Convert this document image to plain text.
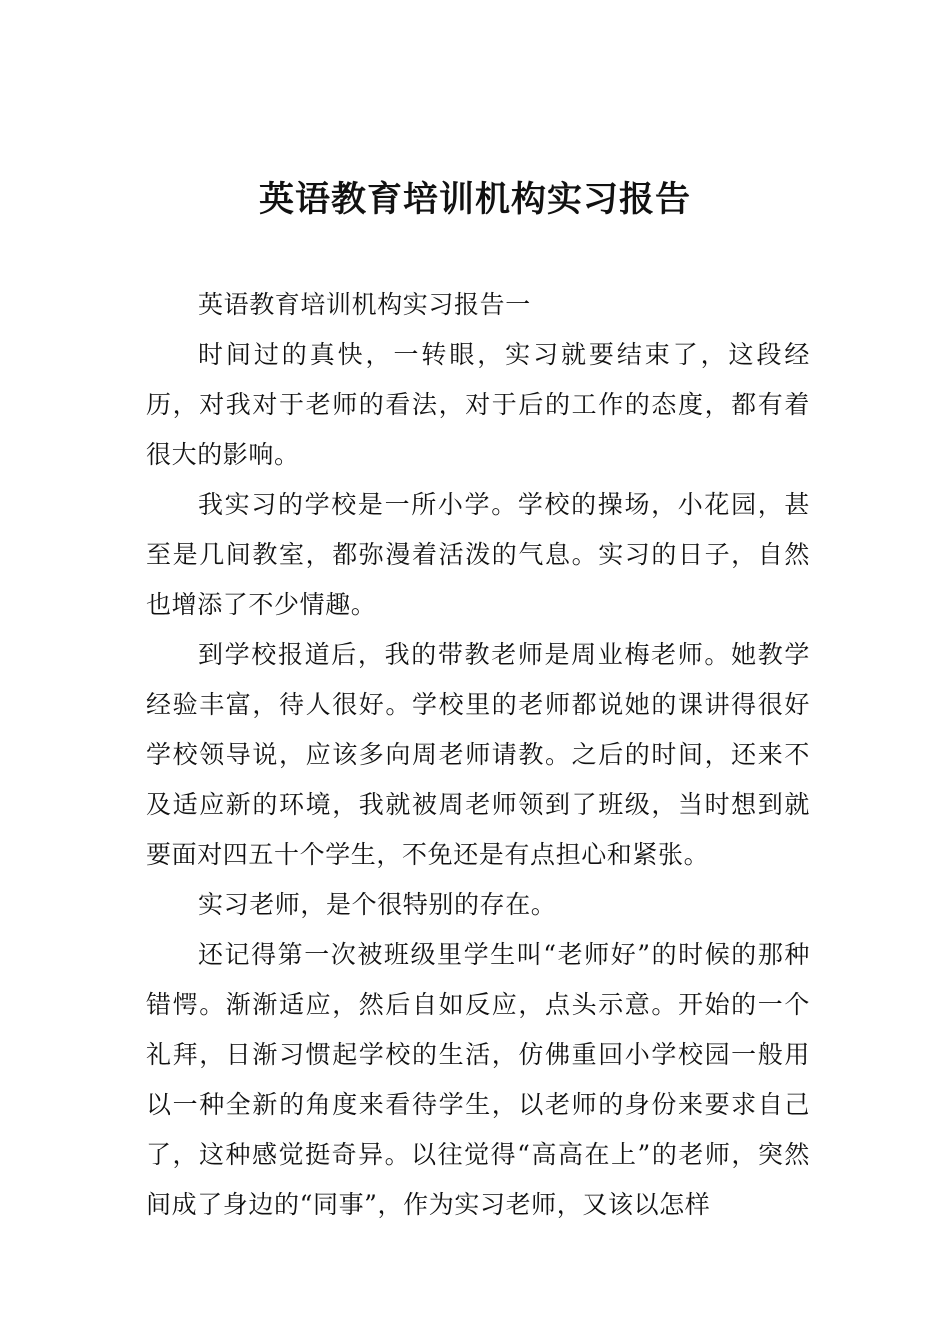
英语教育培训机构实习报告

英语教育培训机构实习报告一

时间过的真快，一转眼，实习就要结束了，这段经历，对我对于老师的看法，对于后的工作的态度，都有着很大的影响。

我实习的学校是一所小学。学校的操场，小花园，甚至是几间教室，都弥漫着活泼的气息。实习的日子，自然也增添了不少情趣。

到学校报道后，我的带教老师是周业梅老师。她教学经验丰富，待人很好。学校里的老师都说她的课讲得很好学校领导说，应该多向周老师请教。之后的时间，还来不及适应新的环境，我就被周老师领到了班级，当时想到就要面对四五十个学生，不免还是有点担心和紧张。

实习老师，是个很特别的存在。

还记得第一次被班级里学生叫“老师好”的时候的那种错愕。渐渐适应，然后自如反应，点头示意。开始的一个礼拜，日渐习惯起学校的生活，仿佛重回小学校园一般用以一种全新的角度来看待学生，以老师的身份来要求自己了，这种感觉挺奇异。以往觉得“高高在上”的老师，突然间成了身边的“同事”，作为实习老师，又该以怎样
